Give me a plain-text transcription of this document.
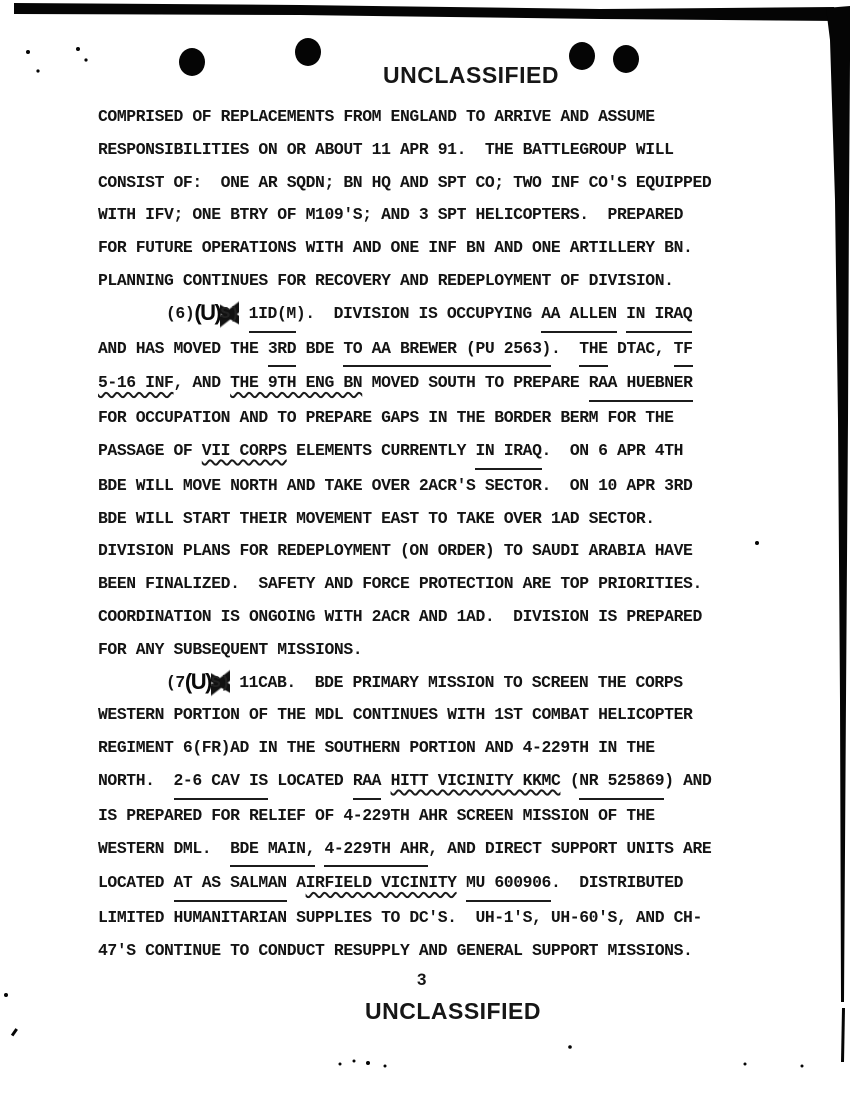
UNCLASSIFIED
COMPRISED OF REPLACEMENTS FROM ENGLAND TO ARRIVE AND ASSUME
RESPONSIBILITIES ON OR ABOUT 11 APR 91.  THE BATTLEGROUP WILL
CONSIST OF:  ONE AR SQDN; BN HQ AND SPT CO; TWO INF CO'S EQUIPPED
WITH IFV; ONE BTRY OF M109'S; AND 3 SPT HELICOPTERS.  PREPARED
FOR FUTURE OPERATIONS WITH AND ONE INF BN AND ONE ARTILLERY BN.
PLANNING CONTINUES FOR RECOVERY AND REDEPLOYMENT OF DIVISION.
(6)(U)S) 1ID(M).  DIVISION IS OCCUPYING AA ALLEN IN IRAQ
AND HAS MOVED THE 3RD BDE TO AA BREWER (PU 2563).  THE DTAC, TF
5-16 INF, AND THE 9TH ENG BN MOVED SOUTH TO PREPARE RAA HUEBNER
FOR OCCUPATION AND TO PREPARE GAPS IN THE BORDER BERM FOR THE
PASSAGE OF VII CORPS ELEMENTS CURRENTLY IN IRAQ.  ON 6 APR 4TH
BDE WILL MOVE NORTH AND TAKE OVER 2ACR'S SECTOR.  ON 10 APR 3RD
BDE WILL START THEIR MOVEMENT EAST TO TAKE OVER 1AD SECTOR.
DIVISION PLANS FOR REDEPLOYMENT (ON ORDER) TO SAUDI ARABIA HAVE
BEEN FINALIZED.  SAFETY AND FORCE PROTECTION ARE TOP PRIORITIES.
COORDINATION IS ONGOING WITH 2ACR AND 1AD.  DIVISION IS PREPARED
FOR ANY SUBSEQUENT MISSIONS.
(7(U)S) 11CAB.  BDE PRIMARY MISSION TO SCREEN THE CORPS
WESTERN PORTION OF THE MDL CONTINUES WITH 1ST COMBAT HELICOPTER
REGIMENT 6(FR)AD IN THE SOUTHERN PORTION AND 4-229TH IN THE
NORTH.  2-6 CAV IS LOCATED RAA HITT VICINITY KKMC (NR 525869) AND
IS PREPARED FOR RELIEF OF 4-229TH AHR SCREEN MISSION OF THE
WESTERN DML.  BDE MAIN, 4-229TH AHR, AND DIRECT SUPPORT UNITS ARE
LOCATED AT AS SALMAN AIRFIELD VICINITY MU 600906.  DISTRIBUTED
LIMITED HUMANITARIAN SUPPLIES TO DC'S.  UH-1'S, UH-60'S, AND CH-
47'S CONTINUE TO CONDUCT RESUPPLY AND GENERAL SUPPORT MISSIONS.
3
UNCLASSIFIED
